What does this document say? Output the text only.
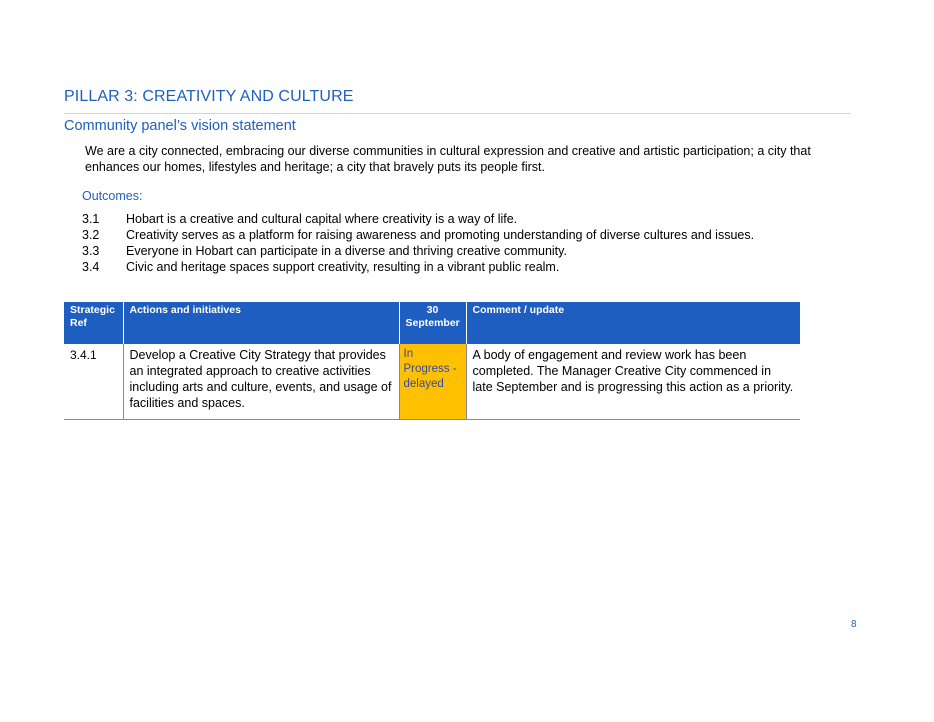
PILLAR 3: CREATIVITY AND CULTURE
Community panel’s vision statement
We are a city connected, embracing our diverse communities in cultural expression and creative and artistic participation; a city that enhances our homes, lifestyles and heritage; a city that bravely puts its people first.
Outcomes:
3.1	Hobart is a creative and cultural capital where creativity is a way of life.
3.2	Creativity serves as a platform for raising awareness and promoting understanding of diverse cultures and issues.
3.3	Everyone in Hobart can participate in a diverse and thriving creative community.
3.4	Civic and heritage spaces support creativity, resulting in a vibrant public realm.
Strategic Ref	Actions and initiatives	30 September	Comment / update
3.4.1	Develop a Creative City Strategy that provides an integrated approach to creative activities including arts and culture, events, and usage of facilities and spaces.	In Progress - delayed	A body of engagement and review work has been completed. The Manager Creative City commenced in late September and is progressing this action as a priority.
8
